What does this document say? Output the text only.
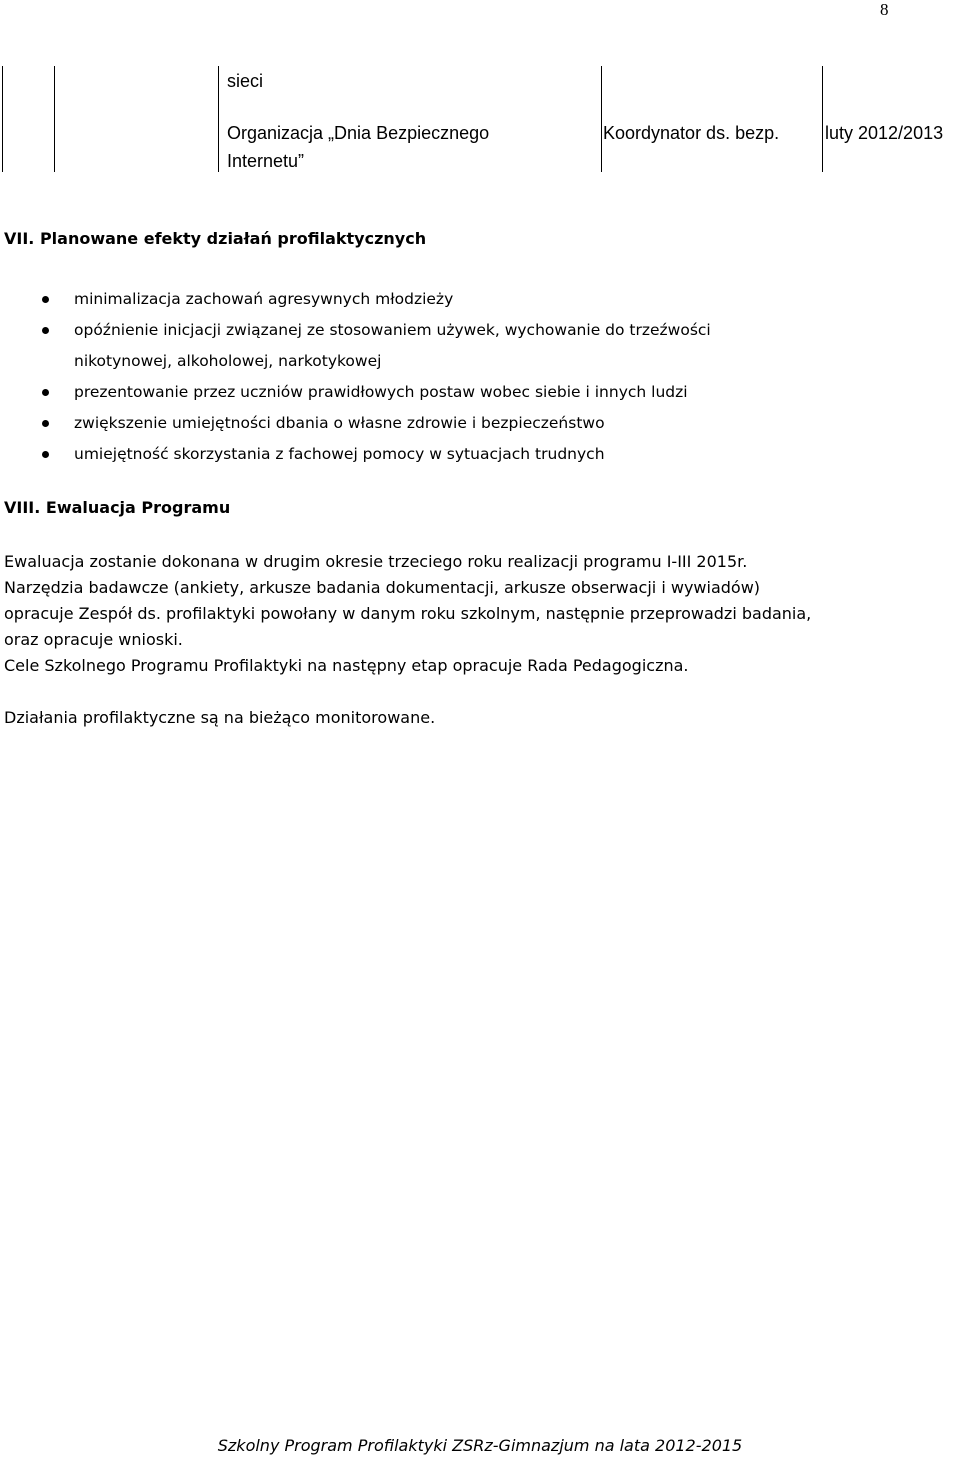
8
sieci
Organizacja „Dnia Bezpiecznego
Internetu”
Koordynator ds. bezp.	luty 2012/2013
VII. Planowane efekty działań profilaktycznych
minimalizacja zachowań agresywnych młodzieży
opóźnienie inicjacji związanej ze stosowaniem używek, wychowanie do trzeźwości
nikotynowej, alkoholowej, narkotykowej
prezentowanie przez uczniów prawidłowych postaw wobec siebie i innych ludzi
zwiększenie umiejętności dbania o własne zdrowie i bezpieczeństwo
umiejętność skorzystania z fachowej pomocy w sytuacjach trudnych
VIII. Ewaluacja Programu
Ewaluacja zostanie dokonana w drugim okresie trzeciego roku realizacji programu I-III 2015r.
Narzędzia badawcze (ankiety, arkusze badania dokumentacji, arkusze obserwacji i wywiadów)
opracuje Zespół ds. profilaktyki powołany w danym roku szkolnym, następnie przeprowadzi badania,
oraz opracuje wnioski.
Cele Szkolnego Programu Profilaktyki na następny etap opracuje Rada Pedagogiczna.
Działania profilaktyczne są na bieżąco monitorowane.
Szkolny Program Profilaktyki ZSRz-Gimnazjum na lata 2012-2015
